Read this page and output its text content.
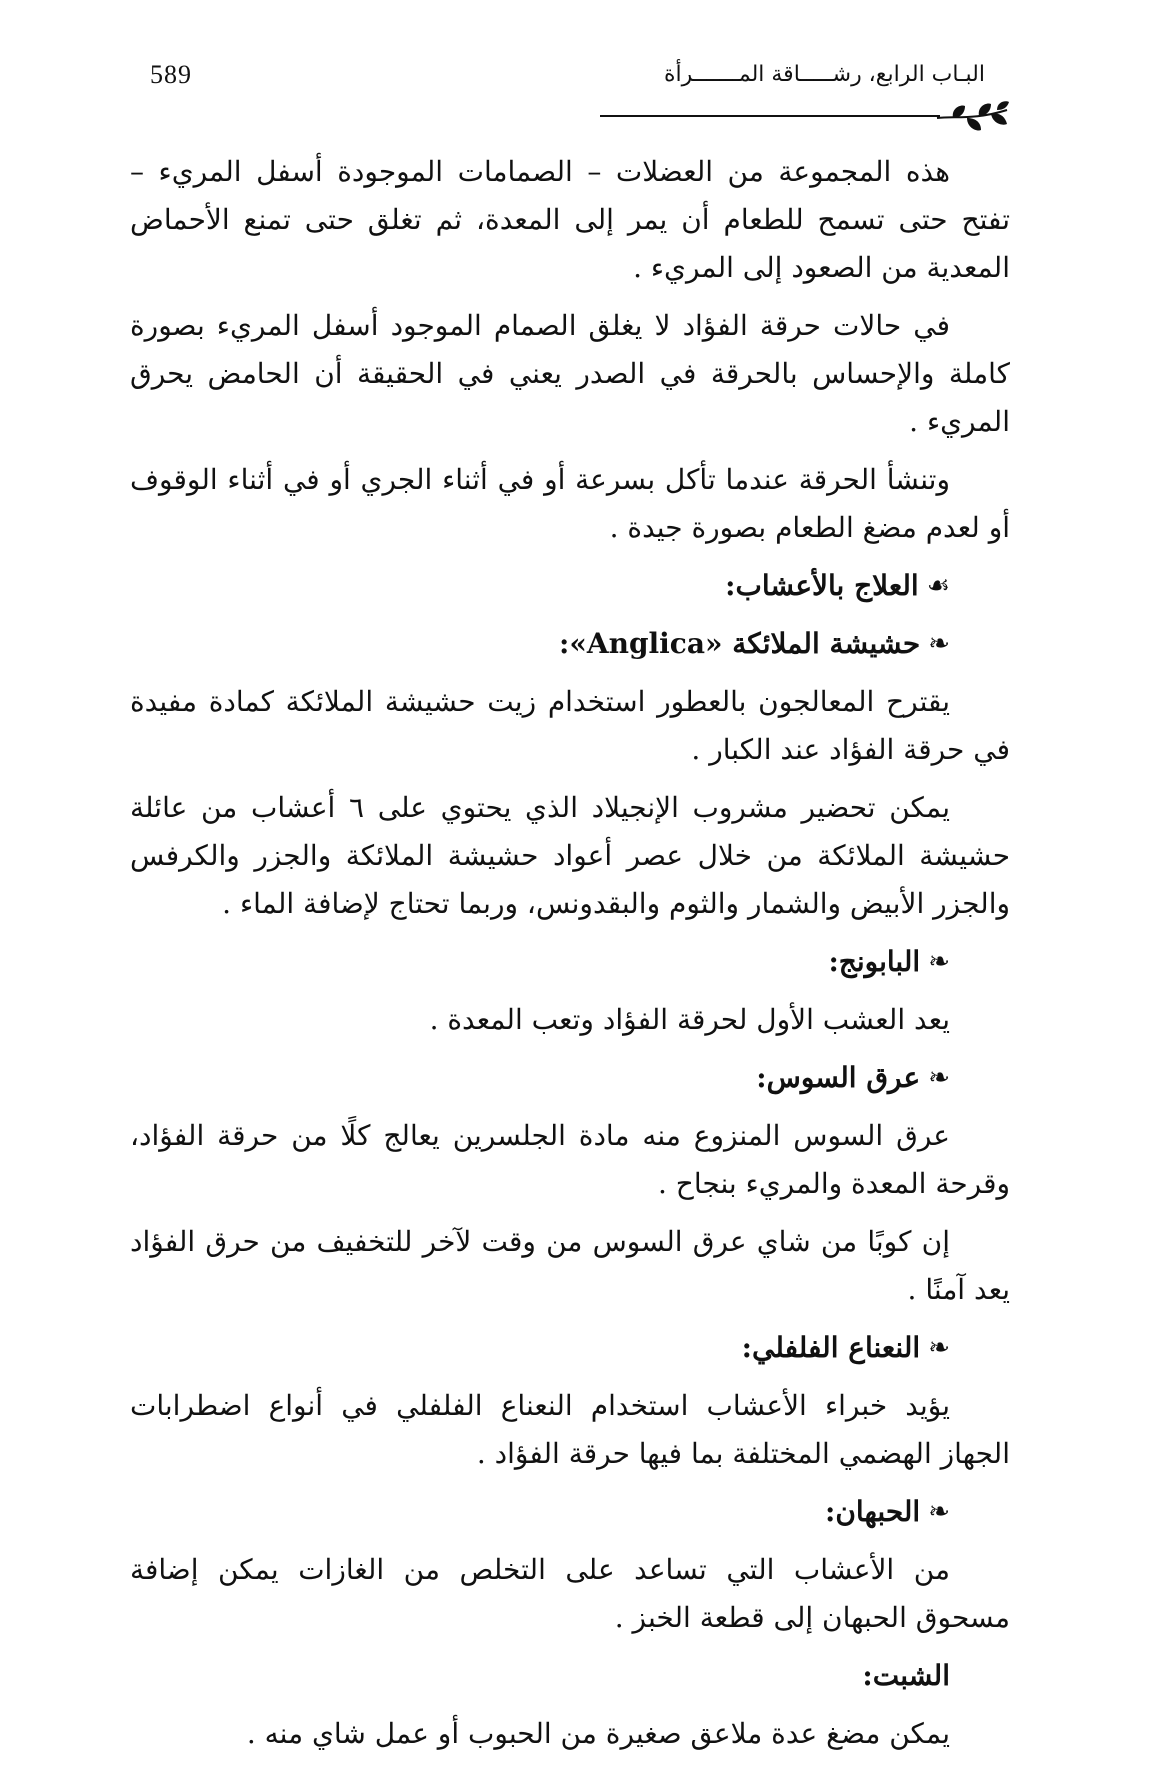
589	البـاب الرابع، رشـــــاقة المـــــــرأة

هذه المجموعة من العضلات – الصمامات الموجودة أسفل المريء – تفتح حتى تسمح للطعام أن يمر إلى المعدة، ثم تغلق حتى تمنع الأحماض المعدية من الصعود إلى المريء .

في حالات حرقة الفؤاد لا يغلق الصمام الموجود أسفل المريء بصورة كاملة والإحساس بالحرقة في الصدر يعني في الحقيقة أن الحامض يحرق المريء .

وتنشأ الحرقة عندما تأكل بسرعة أو في أثناء الجري أو في أثناء الوقوف أو لعدم مضغ الطعام بصورة جيدة .

☙
العلاج بالأعشاب:
❧
حشيشة الملائكة «Anglica»:

يقترح المعالجون بالعطور استخدام زيت حشيشة الملائكة كمادة مفيدة في حرقة الفؤاد عند الكبار .

يمكن تحضير مشروب الإنجيلاد الذي يحتوي على ٦ أعشاب من عائلة حشيشة الملائكة من خلال عصر أعواد حشيشة الملائكة والجزر والكرفس والجزر الأبيض والشمار والثوم والبقدونس، وربما تحتاج لإضافة الماء .

❧
البابونج:

يعد العشب الأول لحرقة الفؤاد وتعب المعدة .

❧
عرق السوس:

عرق السوس المنزوع منه مادة الجلسرين يعالج كلًا من حرقة الفؤاد، وقرحة المعدة والمريء بنجاح .

إن كوبًا من شاي عرق السوس من وقت لآخر للتخفيف من حرق الفؤاد يعد آمنًا .

❧
النعناع الفلفلي:

يؤيد خبراء الأعشاب استخدام النعناع الفلفلي في أنواع اضطرابات الجهاز الهضمي المختلفة بما فيها حرقة الفؤاد .

❧
الحبهان:

من الأعشاب التي تساعد على التخلص من الغازات يمكن إضافة مسحوق الحبهان إلى قطعة الخبز .

الشبت:

يمكن مضغ عدة ملاعق صغيرة من الحبوب أو عمل شاي منه .
